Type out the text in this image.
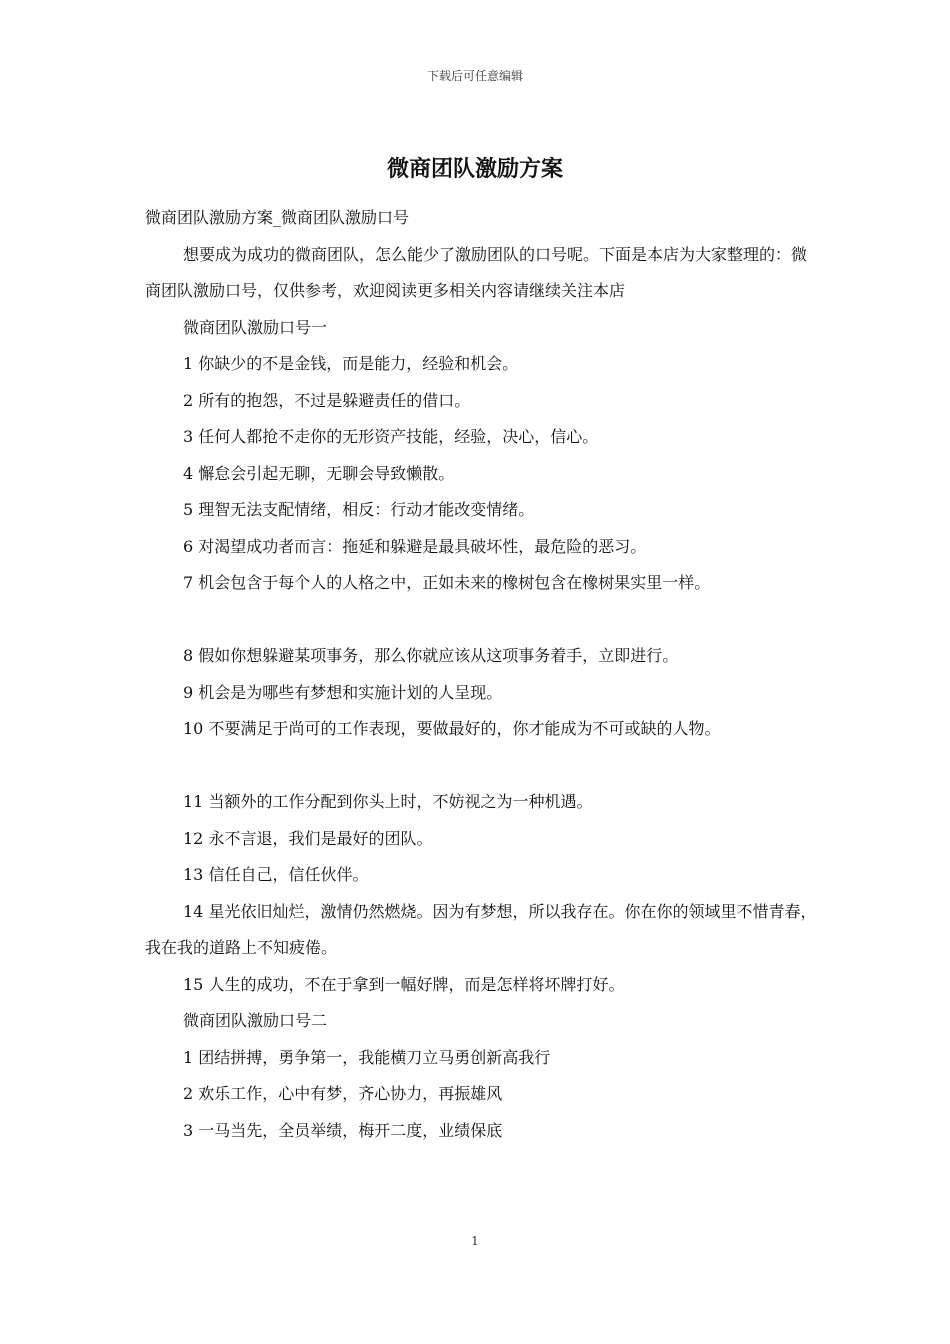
下载后可任意编辑
微商团队激励方案

微商团队激励方案_微商团队激励口号

想要成为成功的微商团队，怎么能少了激励团队的口号呢。下面是本店为大家整理的：微商团队激励口号，仅供参考，欢迎阅读更多相关内容请继续关注本店

微商团队激励口号一

1 你缺少的不是金钱，而是能力，经验和机会。

2 所有的抱怨，不过是躲避责任的借口。

3 任何人都抢不走你的无形资产技能，经验，决心，信心。

4 懈怠会引起无聊，无聊会导致懒散。

5 理智无法支配情绪，相反：行动才能改变情绪。

6 对渴望成功者而言：拖延和躲避是最具破坏性，最危险的恶习。

7 机会包含于每个人的人格之中，正如未来的橡树包含在橡树果实里一样。

8 假如你想躲避某项事务，那么你就应该从这项事务着手，立即进行。

9 机会是为哪些有梦想和实施计划的人呈现。

10 不要满足于尚可的工作表现，要做最好的，你才能成为不可或缺的人物。

11 当额外的工作分配到你头上时，不妨视之为一种机遇。

12 永不言退，我们是最好的团队。

13 信任自己，信任伙伴。

14 星光依旧灿烂，激情仍然燃烧。因为有梦想，所以我存在。你在你的领域里不惜青春，我在我的道路上不知疲倦。

15 人生的成功，不在于拿到一幅好牌，而是怎样将坏牌打好。

微商团队激励口号二

1 团结拼搏，勇争第一，我能横刀立马勇创新高我行

2 欢乐工作，心中有梦，齐心协力，再振雄风

3 一马当先，全员举绩，梅开二度，业绩保底

1
